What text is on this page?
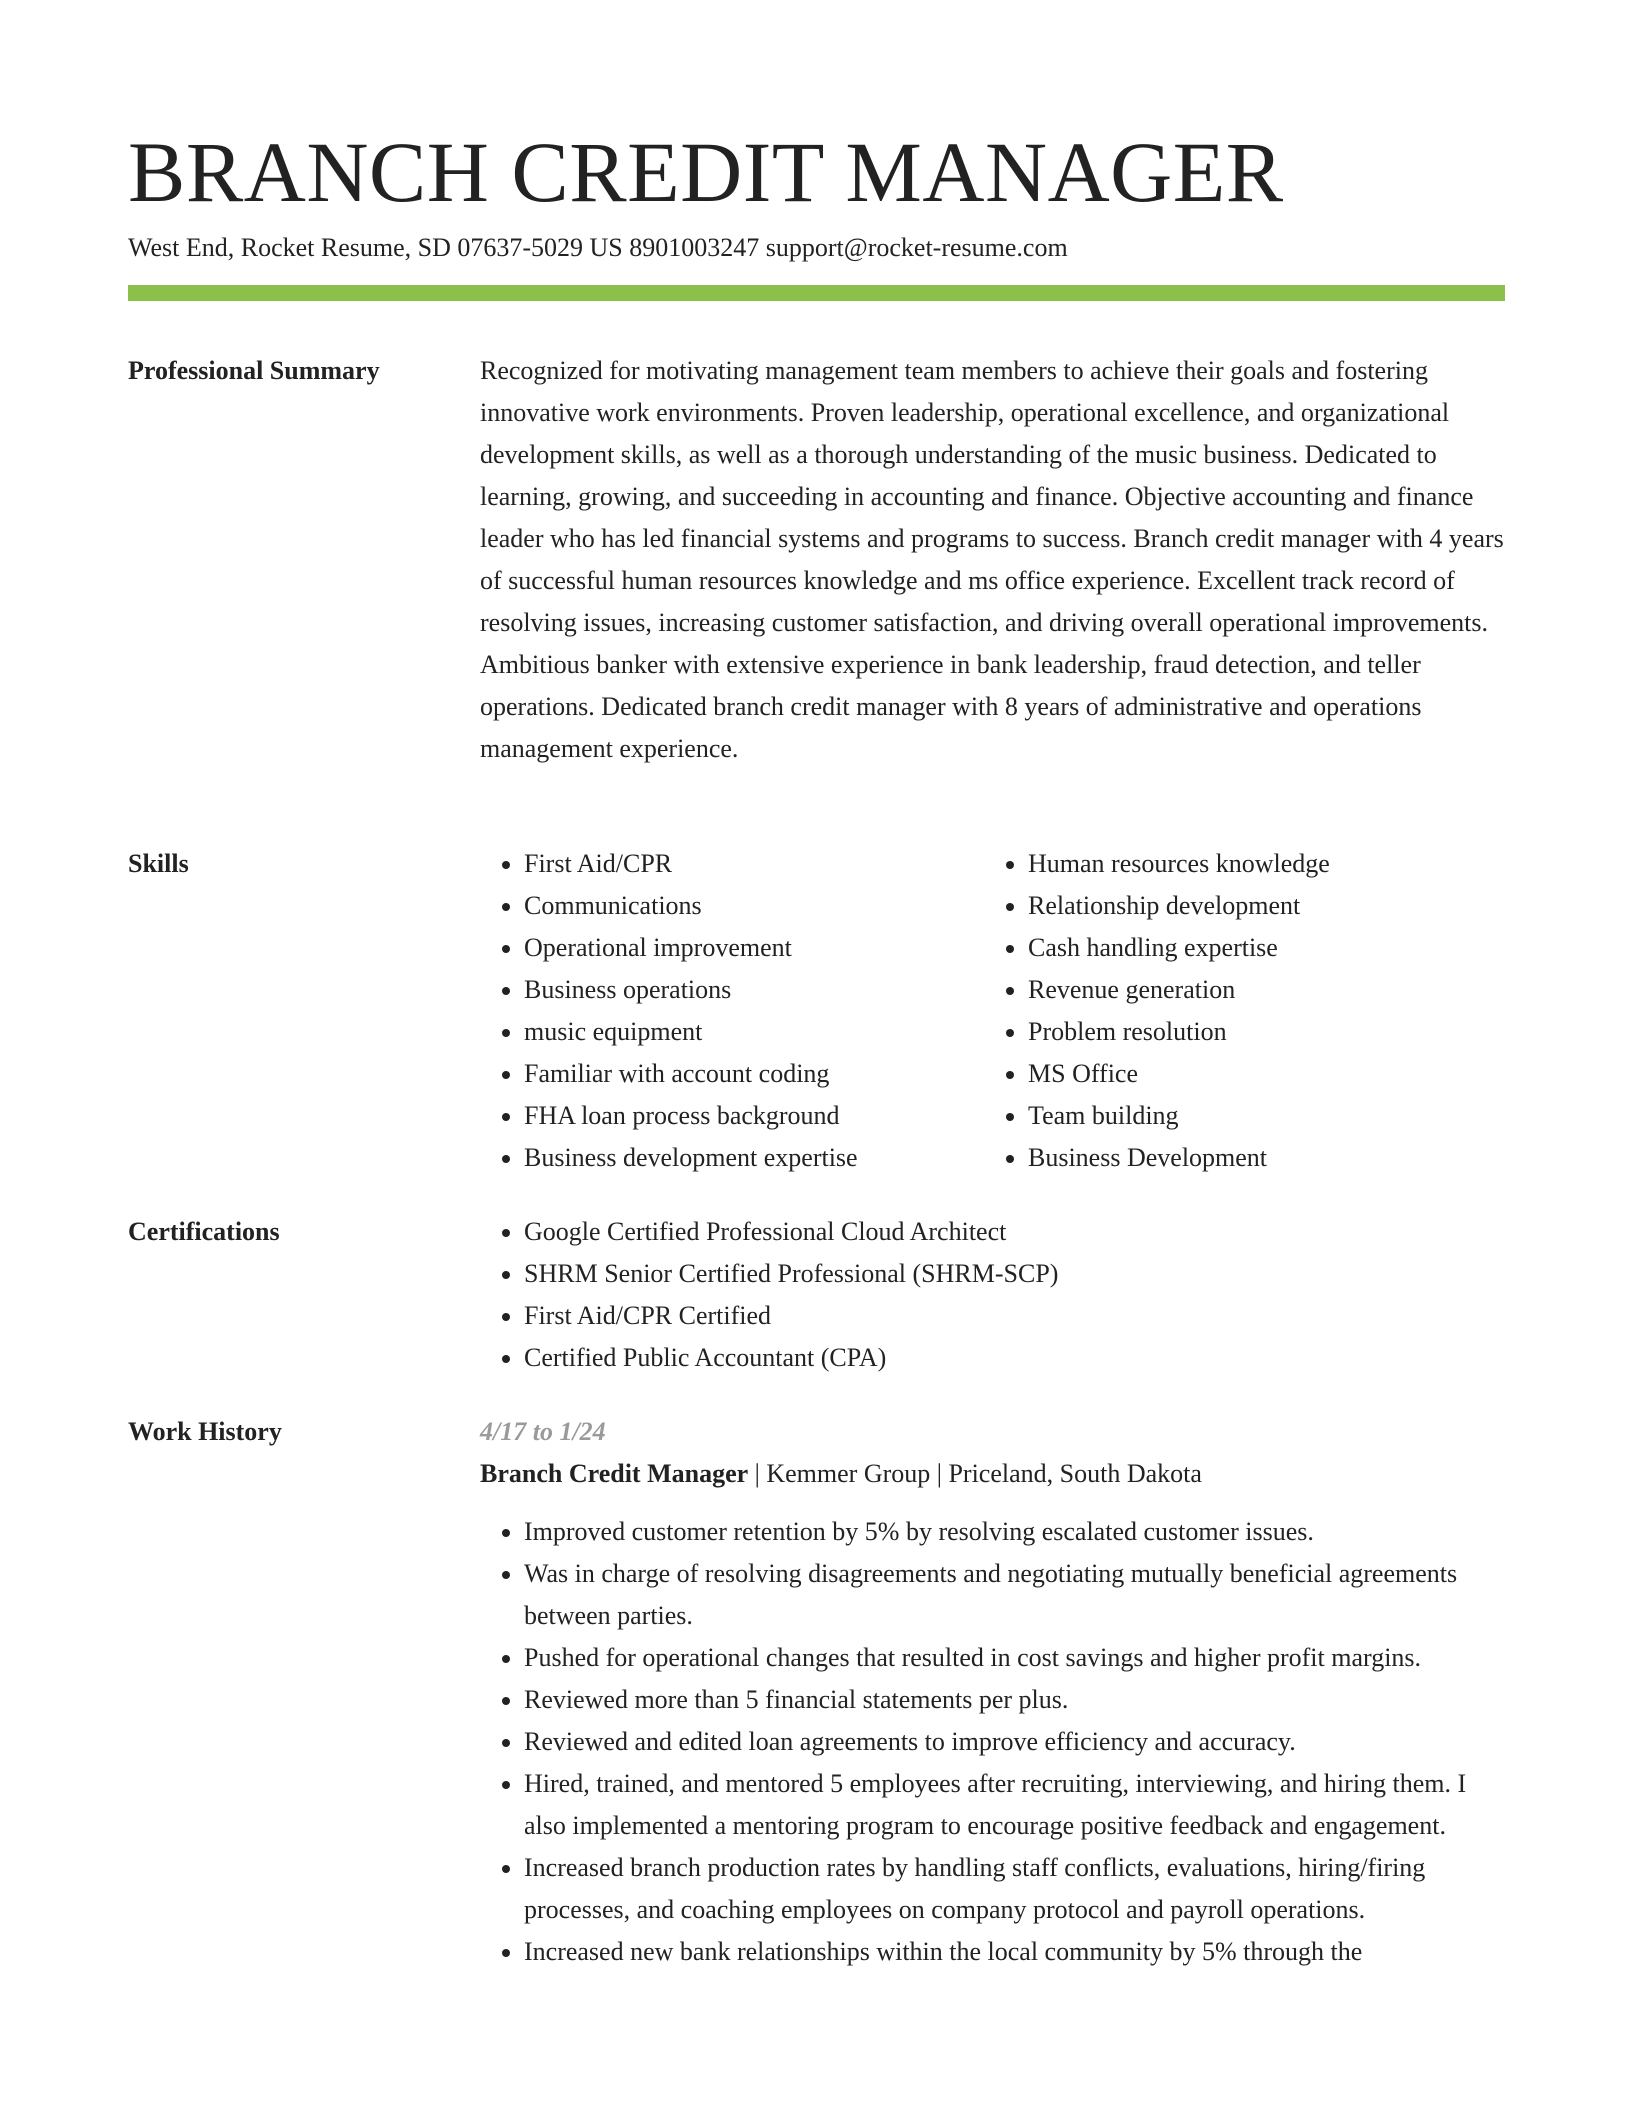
BRANCH CREDIT MANAGER
West End, Rocket Resume, SD 07637-5029 US 8901003247 support@rocket-resume.com
Professional Summary	Recognized for motivating management team members to achieve their goals and fostering innovative work environments. Proven leadership, operational excellence, and organizational development skills, as well as a thorough understanding of the music business. Dedicated to learning, growing, and succeeding in accounting and finance. Objective accounting and finance leader who has led financial systems and programs to success. Branch credit manager with 4 years of successful human resources knowledge and ms office experience. Excellent track record of resolving issues, increasing customer satisfaction, and driving overall operational improvements. Ambitious banker with extensive experience in bank leadership, fraud detection, and teller operations. Dedicated branch credit manager with 8 years of administrative and operations management experience.

Skills	• First Aid/CPR
• Communications
• Operational improvement
• Business operations
• music equipment
• Familiar with account coding
• FHA loan process background
• Business development expertise
• Human resources knowledge
• Relationship development
• Cash handling expertise
• Revenue generation
• Problem resolution
• MS Office
• Team building
• Business Development
Certifications	• Google Certified Professional Cloud Architect
• SHRM Senior Certified Professional (SHRM-SCP)
• First Aid/CPR Certified
• Certified Public Accountant (CPA)
Work History	4/17 to 1/24
Branch Credit Manager | Kemmer Group | Priceland, South Dakota
• Improved customer retention by 5% by resolving escalated customer issues.
• Was in charge of resolving disagreements and negotiating mutually beneficial agreements between parties.
• Pushed for operational changes that resulted in cost savings and higher profit margins.
• Reviewed more than 5 financial statements per plus.
• Reviewed and edited loan agreements to improve efficiency and accuracy.
• Hired, trained, and mentored 5 employees after recruiting, interviewing, and hiring them. I also implemented a mentoring program to encourage positive feedback and engagement.
• Increased branch production rates by handling staff conflicts, evaluations, hiring/firing processes, and coaching employees on company protocol and payroll operations.
• Increased new bank relationships within the local community by 5% through the
